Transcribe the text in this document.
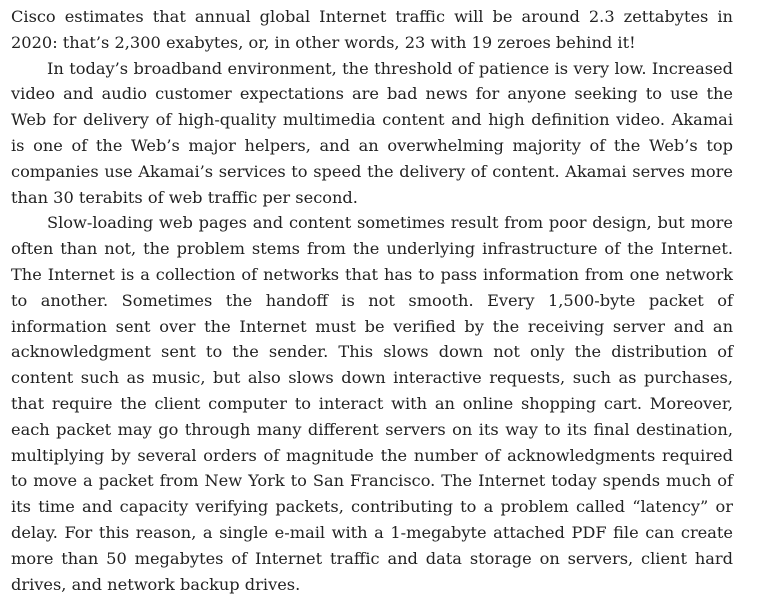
Cisco estimates that annual global Internet traffic will be around 2.3 zettabytes in 2020: that’s 2,300 exabytes, or, in other words, 23 with 19 zeroes behind it!

In today’s broadband environment, the threshold of patience is very low. Increased video and audio customer expectations are bad news for anyone seeking to use the Web for delivery of high-quality multimedia content and high definition video. Akamai is one of the Web’s major helpers, and an overwhelming majority of the Web’s top companies use Akamai’s services to speed the delivery of content. Akamai serves more than 30 terabits of web traffic per second.

Slow-loading web pages and content sometimes result from poor design, but more often than not, the problem stems from the underlying infrastructure of the Internet. The Internet is a collection of networks that has to pass information from one network to another. Sometimes the handoff is not smooth. Every 1,500-byte packet of information sent over the Internet must be verified by the receiving server and an acknowledgment sent to the sender. This slows down not only the distribution of content such as music, but also slows down interactive requests, such as purchases, that require the client computer to interact with an online shopping cart. Moreover, each packet may go through many different servers on its way to its final destination, multiplying by several orders of magnitude the number of acknowledgments required to move a packet from New York to San Francisco. The Internet today spends much of its time and capacity verifying packets, contributing to a problem called “latency” or delay. For this reason, a single e-mail with a 1-megabyte attached PDF file can create more than 50 megabytes of Internet traffic and data storage on servers, client hard drives, and network backup drives.
